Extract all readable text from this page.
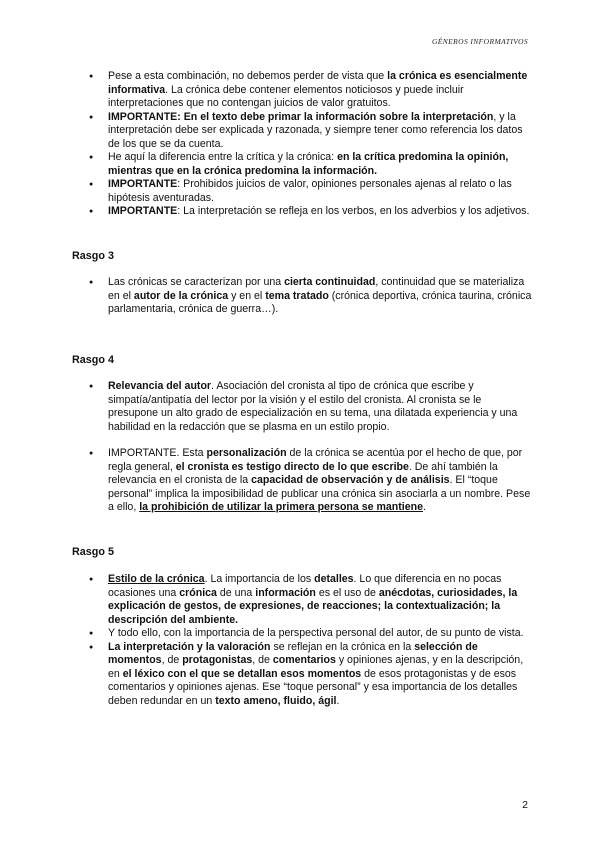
GÉNEROS INFORMATIVOS
● Pese a esta combinación, no debemos perder de vista que la crónica es esencialmente informativa. La crónica debe contener elementos noticiosos y puede incluir interpretaciones que no contengan juicios de valor gratuitos.
● IMPORTANTE: En el texto debe primar la información sobre la interpretación, y la interpretación debe ser explicada y razonada, y siempre tener como referencia los datos de los que se da cuenta.
● He aquí la diferencia entre la crítica y la crónica: en la crítica predomina la opinión, mientras que en la crónica predomina la información.
● IMPORTANTE: Prohibidos juicios de valor, opiniones personales ajenas al relato o las hipótesis aventuradas.
● IMPORTANTE: La interpretación se refleja en los verbos, en los adverbios y los adjetivos.
Rasgo 3
● Las crónicas se caracterizan por una cierta continuidad, continuidad que se materializa en el autor de la crónica y en el tema tratado (crónica deportiva, crónica taurina, crónica parlamentaria, crónica de guerra…).
Rasgo 4
● Relevancia del autor. Asociación del cronista al tipo de crónica que escribe y simpatía/antipatía del lector por la visión y el estilo del cronista. Al cronista se le presupone un alto grado de especialización en su tema, una dilatada experiencia y una habilidad en la redacción que se plasma en un estilo propio.
● IMPORTANTE. Esta personalización de la crónica se acentúa por el hecho de que, por regla general, el cronista es testigo directo de lo que escribe. De ahí también la relevancia en el cronista de la capacidad de observación y de análisis. El “toque personal” implica la imposibilidad de publicar una crónica sin asociarla a un nombre. Pese a ello, la prohibición de utilizar la primera persona se mantiene.
Rasgo 5
● Estilo de la crónica. La importancia de los detalles. Lo que diferencia en no pocas ocasiones una crónica de una información es el uso de anécdotas, curiosidades, la explicación de gestos, de expresiones, de reacciones; la contextualización; la descripción del ambiente.
● Y todo ello, con la importancia de la perspectiva personal del autor, de su punto de vista.
● La interpretación y la valoración se reflejan en la crónica en la selección de momentos, de protagonistas, de comentarios y opiniones ajenas, y en la descripción, en el léxico con el que se detallan esos momentos de esos protagonistas y de esos comentarios y opiniones ajenas. Ese “toque personal” y esa importancia de los detalles deben redundar en un texto ameno, fluido, ágil.
2
